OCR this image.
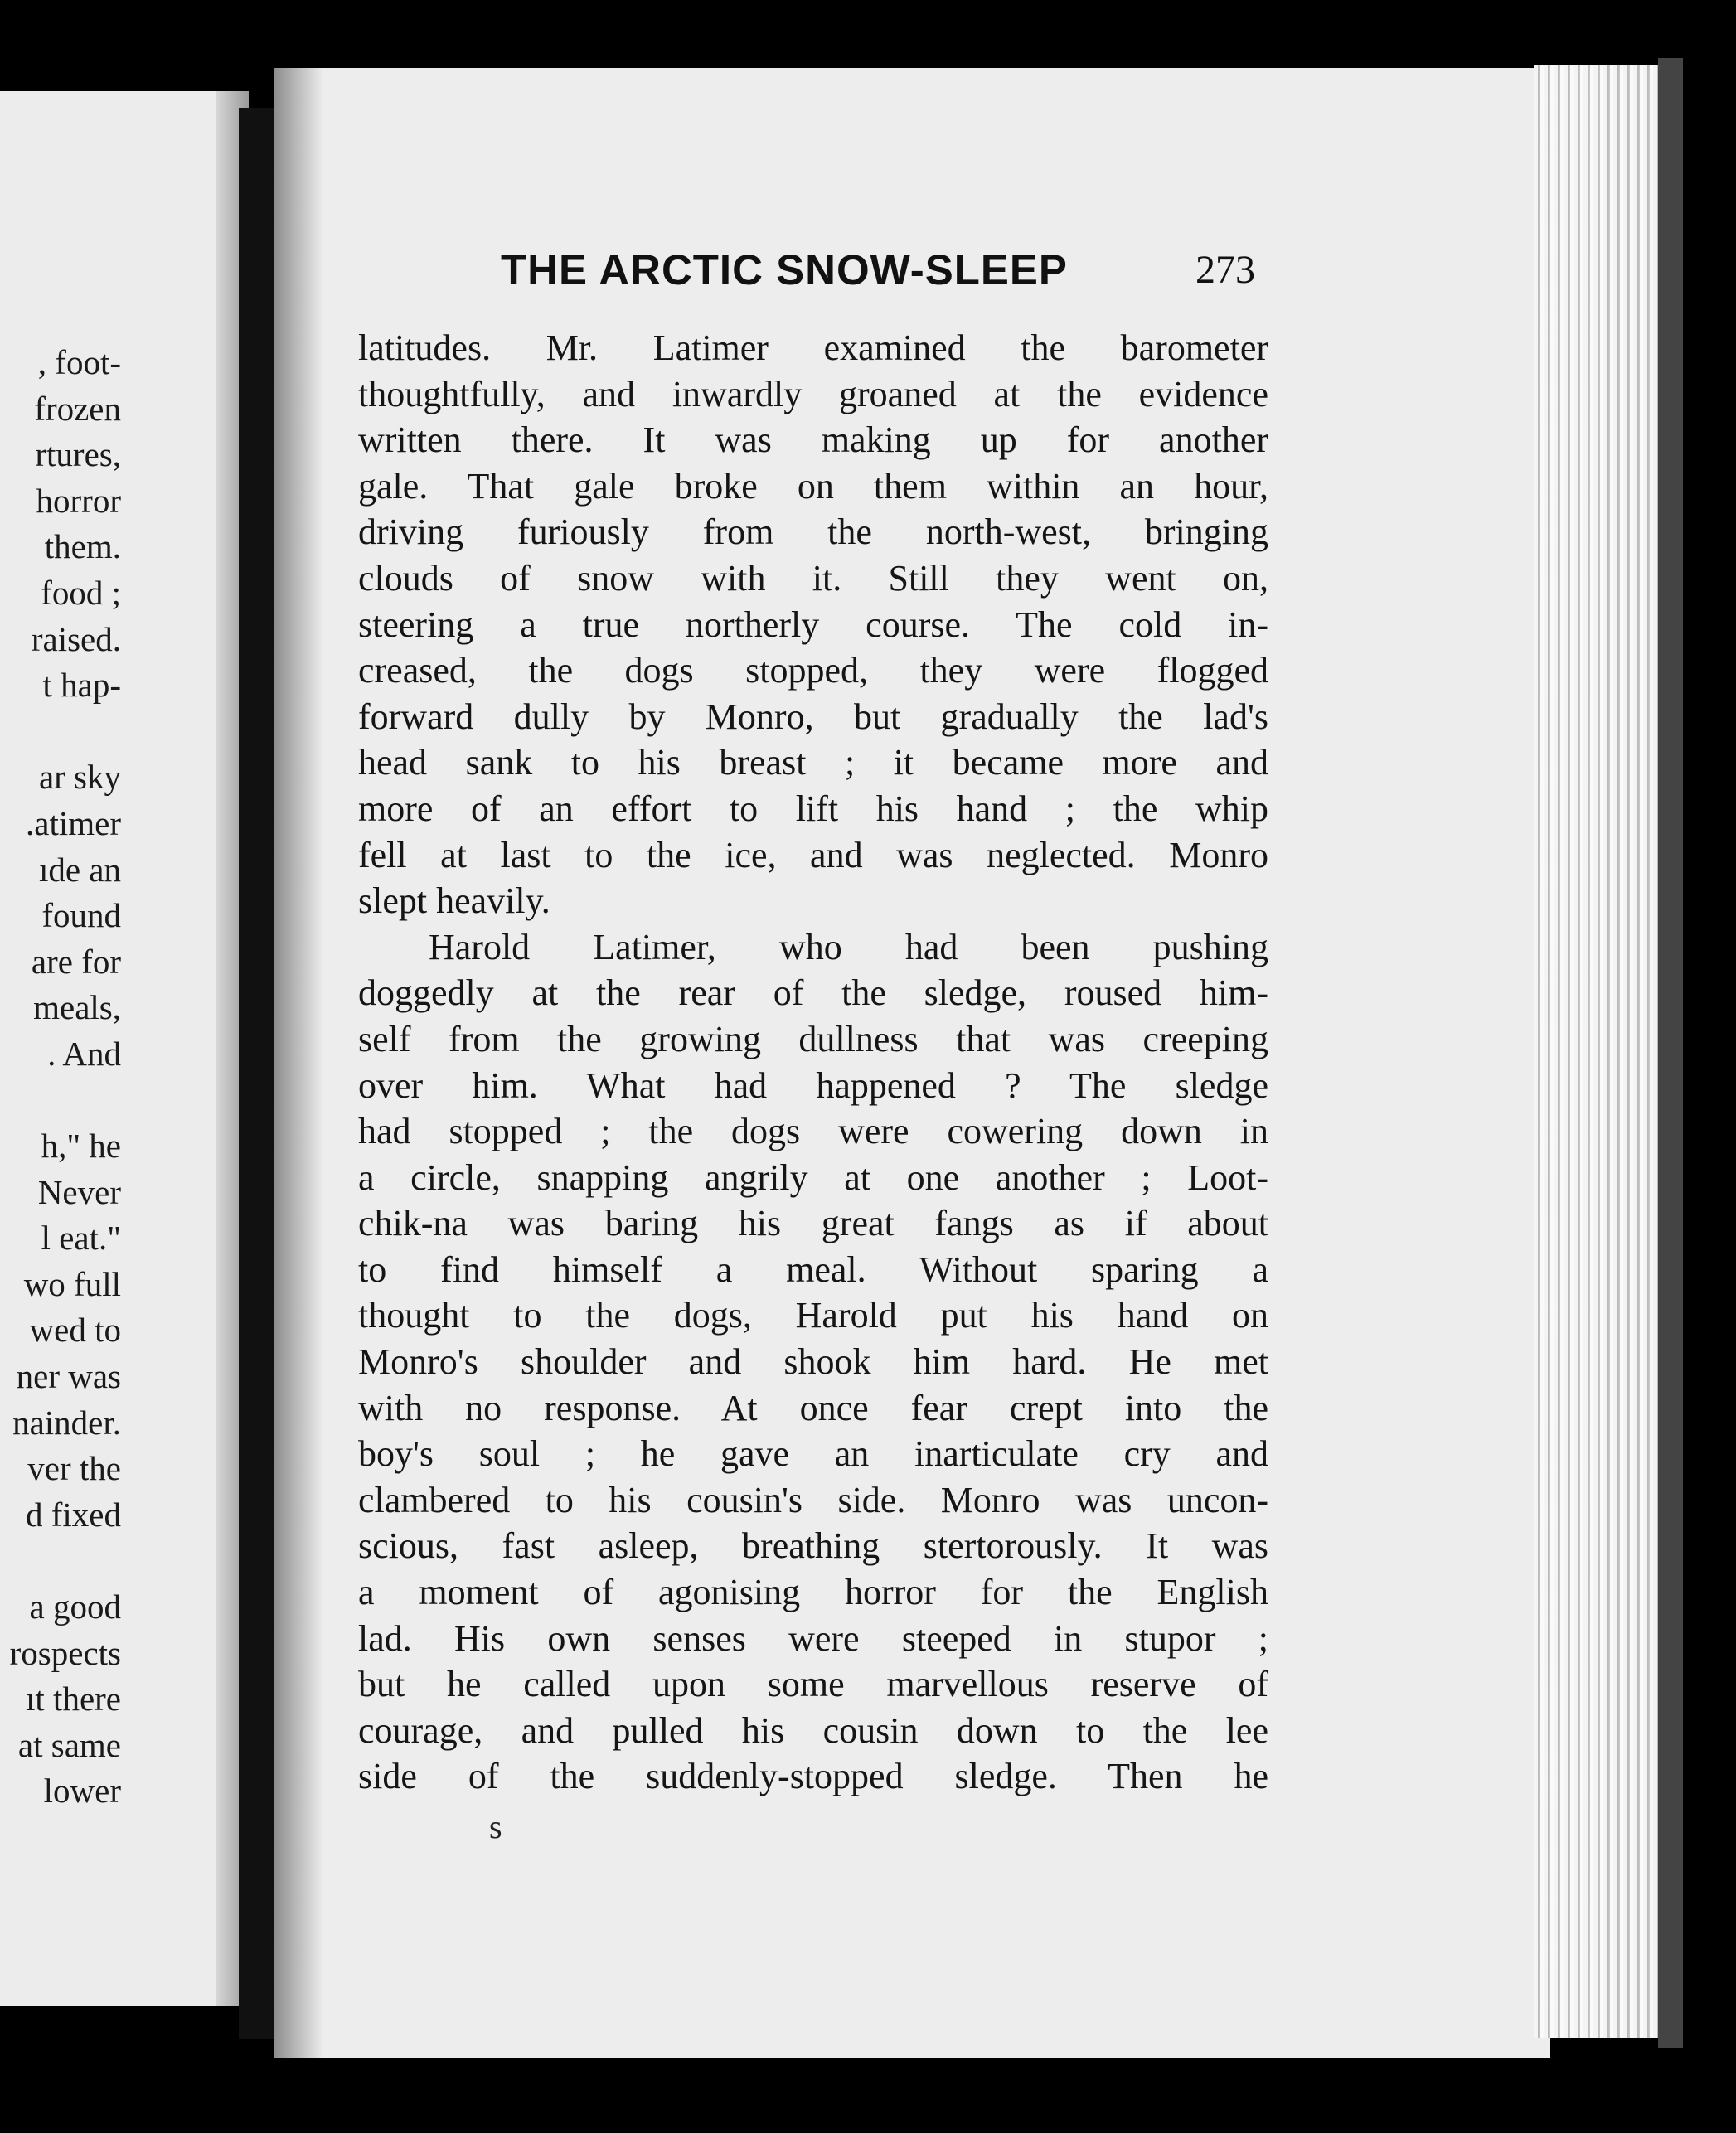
, foot-
frozen
rtures,
horror
them.
food ;
raised.
t hap-
ar sky
.atimer
ıde an
found
are for
meals,
. And
h," he
Never
l eat."
wo full
wed to
ner was
nainder.
ver the
d fixed
a good
rospects
ıt there
at same
lower
THE ARCTIC SNOW-SLEEP	273
latitudes. Mr. Latimer examined the barometer
thoughtfully, and inwardly groaned at the evidence
written there. It was making up for another
gale. That gale broke on them within an hour,
driving furiously from the north-west, bringing
clouds of snow with it. Still they went on,
steering a true northerly course. The cold in-
creased, the dogs stopped, they were flogged
forward dully by Monro, but gradually the lad's
head sank to his breast ; it became more and
more of an effort to lift his hand ; the whip
fell at last to the ice, and was neglected. Monro
slept heavily.
Harold Latimer, who had been pushing
doggedly at the rear of the sledge, roused him-
self from the growing dullness that was creeping
over him. What had happened ? The sledge
had stopped ; the dogs were cowering down in
a circle, snapping angrily at one another ; Loot-
chik-na was baring his great fangs as if about
to find himself a meal. Without sparing a
thought to the dogs, Harold put his hand on
Monro's shoulder and shook him hard. He met
with no response. At once fear crept into the
boy's soul ; he gave an inarticulate cry and
clambered to his cousin's side. Monro was uncon-
scious, fast asleep, breathing stertorously. It was
a moment of agonising horror for the English
lad. His own senses were steeped in stupor ;
but he called upon some marvellous reserve of
courage, and pulled his cousin down to the lee
side of the suddenly-stopped sledge. Then he
s
